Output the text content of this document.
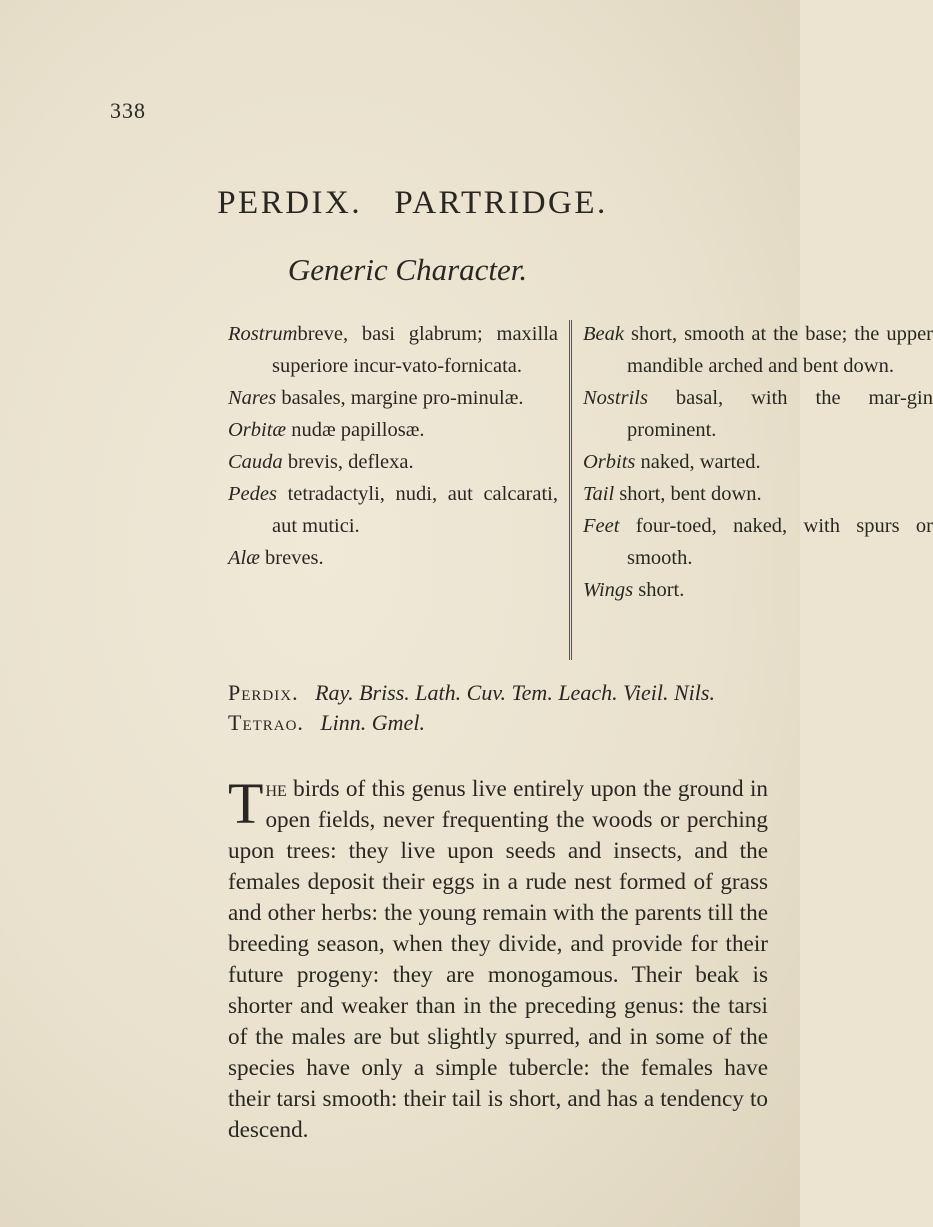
338
PERDIX.   PARTRIDGE.
Generic Character.

Rostrumbreve, basi glabrum; maxilla superiore incur-vato-fornicata.

Nares basales, margine pro-minulæ.

Orbitæ nudæ papillosæ.

Cauda brevis, deflexa.

Pedes tetradactyli, nudi, aut calcarati, aut mutici.

Alæ breves.

Beak short, smooth at the base; the upper mandible arched and bent down.

Nostrils basal, with the mar-gin prominent.

Orbits naked, warted.

Tail short, bent down.

Feet four-toed, naked, with spurs or smooth.

Wings short.

Perdix. Ray. Briss. Lath. Cuv. Tem. Leach. Vieil. Nils.

Tetrao. Linn. Gmel.

The birds of this genus live entirely upon the ground in open fields, never frequenting the woods or perching upon trees: they live upon seeds and insects, and the females deposit their eggs in a rude nest formed of grass and other herbs: the young remain with the parents till the breeding season, when they divide, and provide for their future progeny: they are monogamous. Their beak is shorter and weaker than in the preceding genus: the tarsi of the males are but slightly spurred, and in some of the species have only a simple tubercle: the females have their tarsi smooth: their tail is short, and has a tendency to descend.
